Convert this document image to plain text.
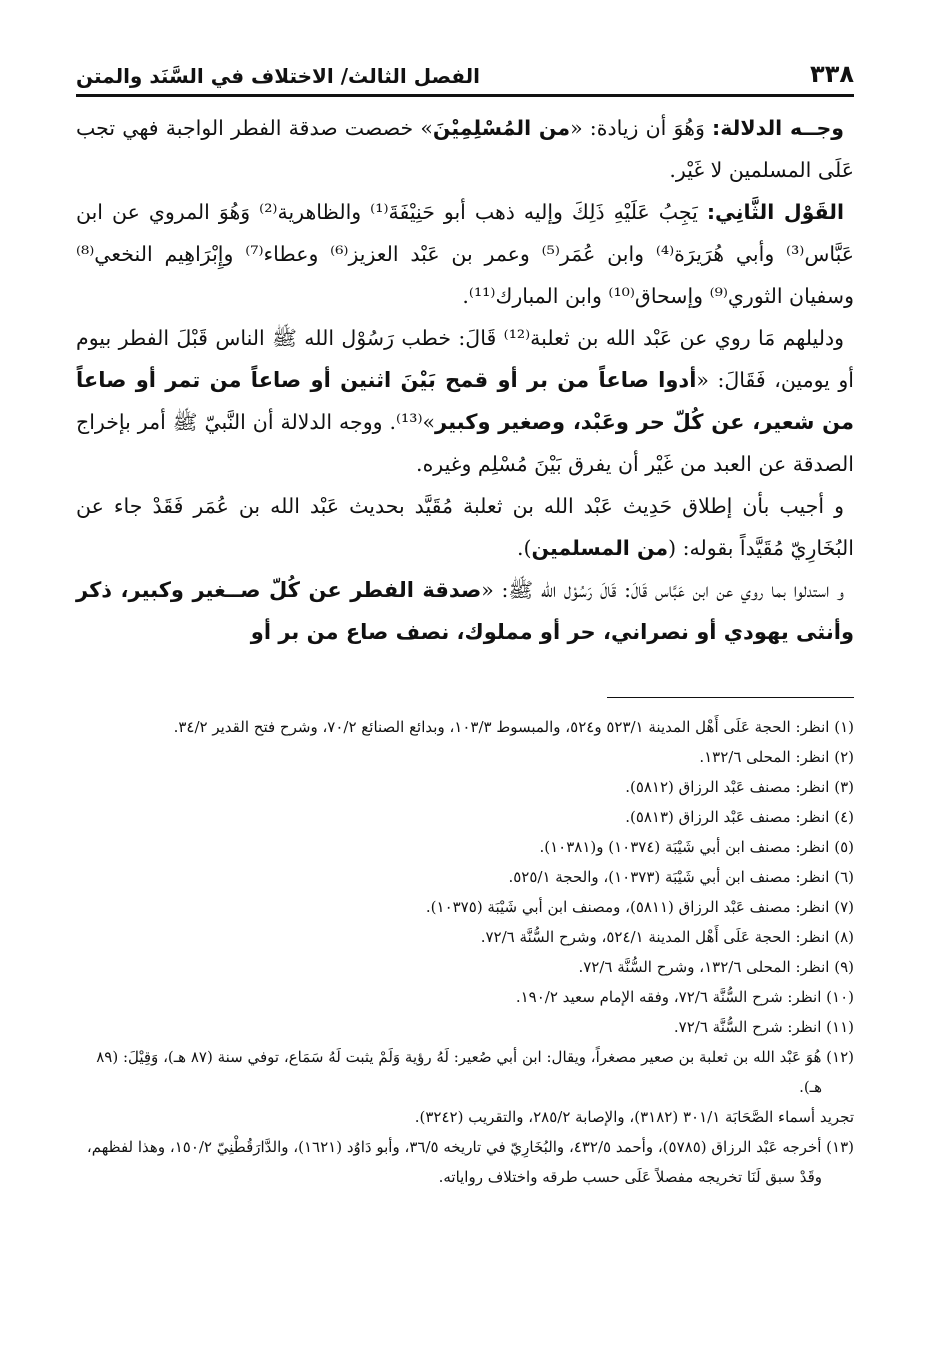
٣٣٨
الفصل الثالث/ الاختلاف في السَّنَد والمتن

وجــه الدلالة: وَهُوَ أن زيادة: «من المُسْلِمِيْنَ» خصصت صدقة الفطر الواجبة فهي تجب عَلَى المسلمين لا غَيْر.

القَوْل الثَّانِي: يَجِبُ عَلَيْهِ ذَلِكَ وإليه ذهب أبو حَنِيْفَةَ⁽¹⁾ والظاهرية⁽²⁾ وَهُوَ المروي عن ابن عَبَّاس⁽³⁾ وأبي هُرَيرَة⁽⁴⁾ وابن عُمَر⁽⁵⁾ وعمر بن عَبْد العزيز⁽⁶⁾ وعطاء⁽⁷⁾ وإِبْرَاهِيم النخعي⁽⁸⁾ وسفيان الثوري⁽⁹⁾ وإسحاق⁽¹⁰⁾ وابن المبارك⁽¹¹⁾.

ودليلهم مَا روي عن عَبْد الله بن ثعلبة⁽¹²⁾ قَالَ: خطب رَسُوْل الله ﷺ الناس قَبْلَ الفطر بيوم أو يومين، فَقَالَ: «أدوا صاعاً من بر أو قمح بَيْنَ اثنين أو صاعاً من تمر أو صاعاً من شعير، عن كُلّ حر وعَبْد، وصغير وكبير»⁽¹³⁾. ووجه الدلالة أن النَّبيّ ﷺ أمر بإخراج الصدقة عن العبد من غَيْر أن يفرق بَيْنَ مُسْلِم وغيره.

و أجيب بأن إطلاق حَدِيث عَبْد الله بن ثعلبة مُقَيَّد بحديث عَبْد الله بن عُمَر فَقَدْ جاء عن البُخَارِيّ مُقَيَّداً بقوله: (من المسلمين).

و استدلوا بما روي عن ابن عَبَّاس قَالَ: قَالَ رَسُوْل الله ﷺ: «صدقة الفطر عن كُلّ صــغير وكبير، ذكر وأنثى يهودي أو نصراني، حر أو مملوك، نصف صاع من بر أو

(١) انظر: الحجة عَلَى أَهْل المدينة ٥٢٣/١ و٥٢٤، والمبسوط ١٠٣/٣، وبدائع الصنائع ٧٠/٢، وشرح فتح القدير ٣٤/٢.

(٢) انظر: المحلى ١٣٢/٦.

(٣) انظر: مصنف عَبْد الرزاق (٥٨١٢).

(٤) انظر: مصنف عَبْد الرزاق (٥٨١٣).

(٥) انظر: مصنف ابن أبي شَيْبَة (١٠٣٧٤) و(١٠٣٨١).

(٦) انظر: مصنف ابن أبي شَيْبَة (١٠٣٧٣)، والحجة ٥٢٥/١.

(٧) انظر: مصنف عَبْد الرزاق (٥٨١١)، ومصنف ابن أبي شَيْبَة (١٠٣٧٥).

(٨) انظر: الحجة عَلَى أَهْل المدينة ٥٢٤/١، وشرح السُّنَّة ٧٢/٦.

(٩) انظر: المحلى ١٣٢/٦، وشرح السُّنَّة ٧٢/٦.

(١٠) انظر: شرح السُّنَّة ٧٢/٦، وفقه الإمام سعيد ١٩٠/٢.

(١١) انظر: شرح السُّنَّة ٧٢/٦.

(١٢) هُوَ عَبْد الله بن ثعلبة بن صعير مصغراً، ويقال: ابن أبي صُعير: لَهُ رؤية وَلَمْ يثبت لَهُ سَمَاع، توفي سنة (٨٧ هـ)، وَقِيْلَ: (٨٩ هـ).

تجريد أسماء الصَّحَابَة ٣٠١/١ (٣١٨٢)، والإصابة ٢٨٥/٢، والتقريب (٣٢٤٢).

(١٣) أخرجه عَبْد الرزاق (٥٧٨٥)، وأحمد ٤٣٢/٥، والبُخَارِيّ في تاريخه ٣٦/٥، وأبو دَاوُد (١٦٢١)، والدَّارَقُطْنِيّ ١٥٠/٢، وهذا لفظهم، وقَدْ سبق لَنَا تخريجه مفصلاً عَلَى حسب طرقه واختلاف رواياته.
